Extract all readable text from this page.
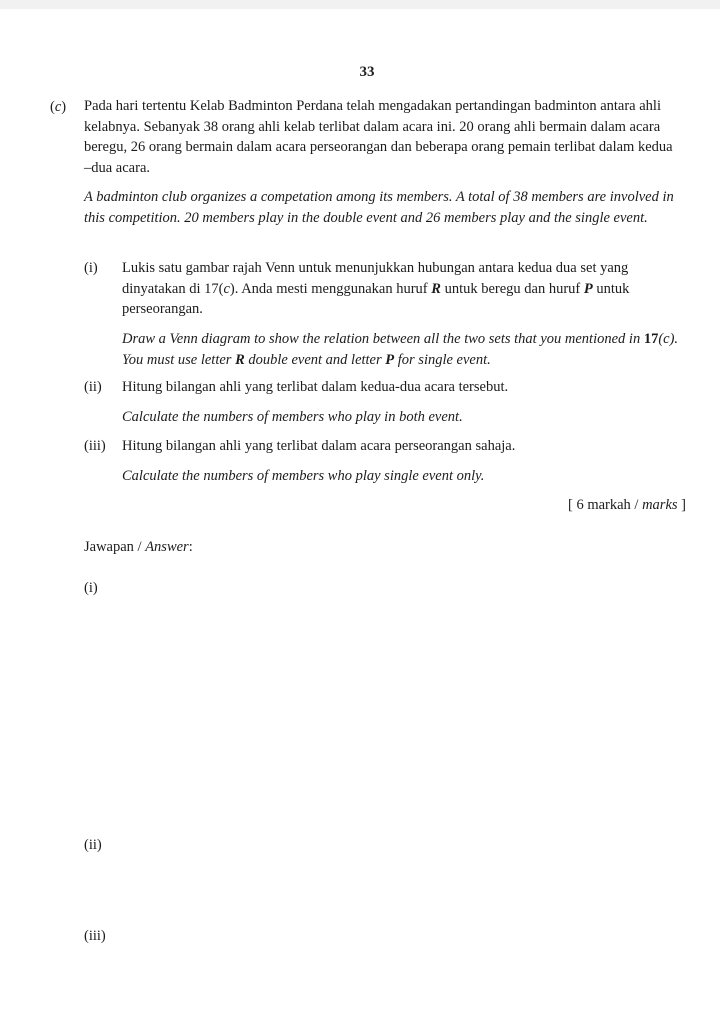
33
(c) Pada hari tertentu Kelab Badminton Perdana telah mengadakan pertandingan badminton antara ahli kelabnya. Sebanyak 38 orang ahli kelab terlibat dalam acara ini. 20 orang ahli bermain dalam acara beregu, 26 orang bermain dalam acara perseorangan dan beberapa orang pemain terlibat dalam kedua –dua acara.
A badminton club organizes a competation among its members. A total of 38 members are involved in this competition. 20 members play in the double event and 26 members play and the single event.
(i) Lukis satu gambar rajah Venn untuk menunjukkan hubungan antara kedua dua set yang dinyatakan di 17(c). Anda mesti menggunakan huruf R untuk beregu dan huruf P untuk perseorangan.
Draw a Venn diagram to show the relation between all the two sets that you mentioned in 17(c). You must use letter R double event and letter P for single event.
(ii) Hitung bilangan ahli yang terlibat dalam kedua-dua acara tersebut.
Calculate the numbers of members who play in both event.
(iii) Hitung bilangan ahli yang terlibat dalam acara perseorangan sahaja.
Calculate the numbers of members who play single event only.
[ 6 markah / marks ]
Jawapan / Answer:
(i)
(ii)
(iii)
